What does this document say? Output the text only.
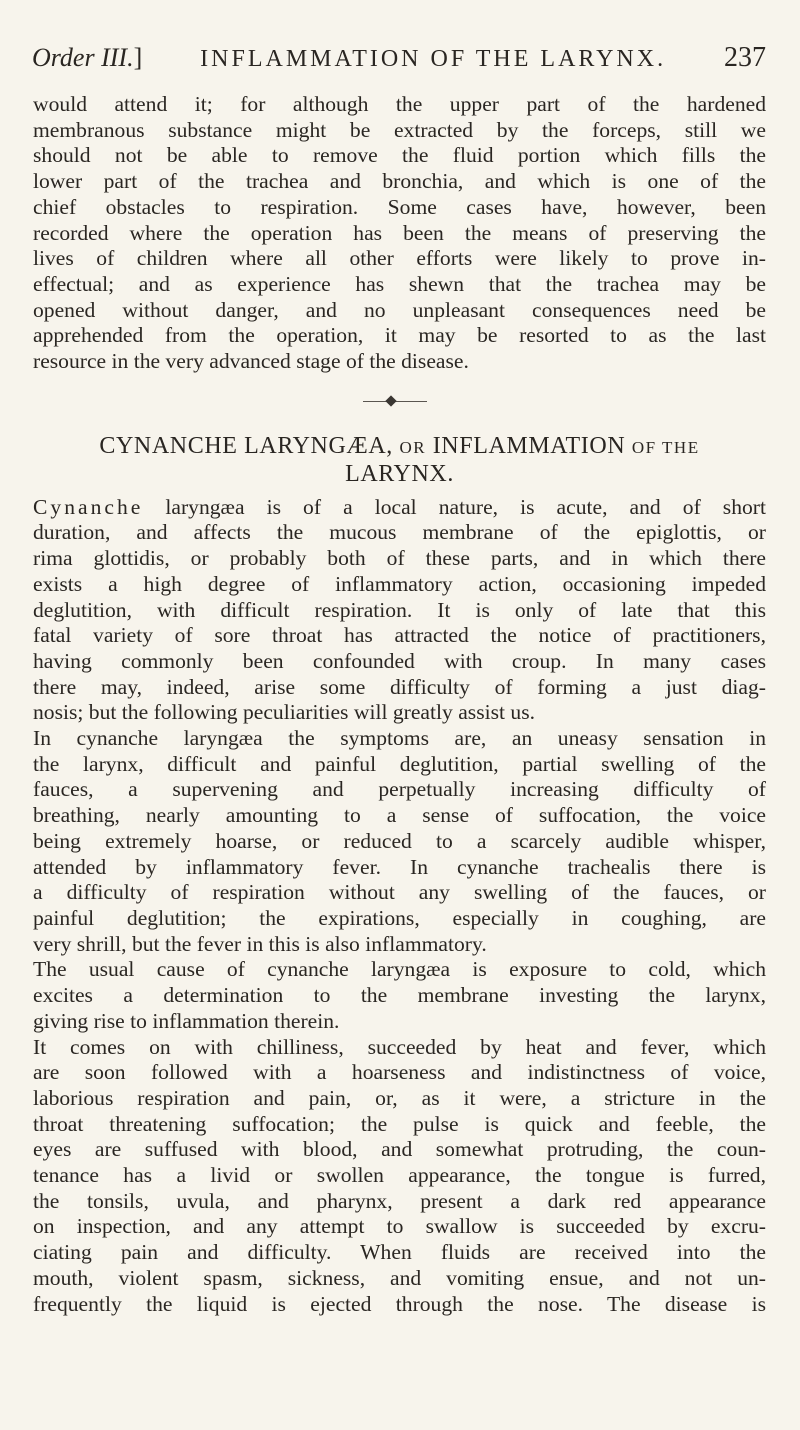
Order III.] INFLAMMATION OF THE LARYNX. 237
would attend it; for although the upper part of the hardened
membranous substance might be extracted by the forceps, still we
should not be able to remove the fluid portion which fills the
lower part of the trachea and bronchia, and which is one of the
chief obstacles to respiration. Some cases have, however, been
recorded where the operation has been the means of preserving the
lives of children where all other efforts were likely to prove in-
effectual; and as experience has shewn that the trachea may be
opened without danger, and no unpleasant consequences need be
apprehended from the operation, it may be resorted to as the last
resource in the very advanced stage of the disease.
CYNANCHE LARYNGÆA, OR INFLAMMATION OF THE
LARYNX.
Cynanche laryngæa is of a local nature, is acute, and of short
duration, and affects the mucous membrane of the epiglottis, or
rima glottidis, or probably both of these parts, and in which there
exists a high degree of inflammatory action, occasioning impeded
deglutition, with difficult respiration. It is only of late that this
fatal variety of sore throat has attracted the notice of practitioners,
having commonly been confounded with croup. In many cases
there may, indeed, arise some difficulty of forming a just diag-
nosis; but the following peculiarities will greatly assist us.
In cynanche laryngæa the symptoms are, an uneasy sensation in
the larynx, difficult and painful deglutition, partial swelling of the
fauces, a supervening and perpetually increasing difficulty of
breathing, nearly amounting to a sense of suffocation, the voice
being extremely hoarse, or reduced to a scarcely audible whisper,
attended by inflammatory fever. In cynanche trachealis there is
a difficulty of respiration without any swelling of the fauces, or
painful deglutition; the expirations, especially in coughing, are
very shrill, but the fever in this is also inflammatory.
The usual cause of cynanche laryngæa is exposure to cold, which
excites a determination to the membrane investing the larynx,
giving rise to inflammation therein.
It comes on with chilliness, succeeded by heat and fever, which
are soon followed with a hoarseness and indistinctness of voice,
laborious respiration and pain, or, as it were, a stricture in the
throat threatening suffocation; the pulse is quick and feeble, the
eyes are suffused with blood, and somewhat protruding, the coun-
tenance has a livid or swollen appearance, the tongue is furred,
the tonsils, uvula, and pharynx, present a dark red appearance
on inspection, and any attempt to swallow is succeeded by excru-
ciating pain and difficulty. When fluids are received into the
mouth, violent spasm, sickness, and vomiting ensue, and not un-
frequently the liquid is ejected through the nose. The disease is
